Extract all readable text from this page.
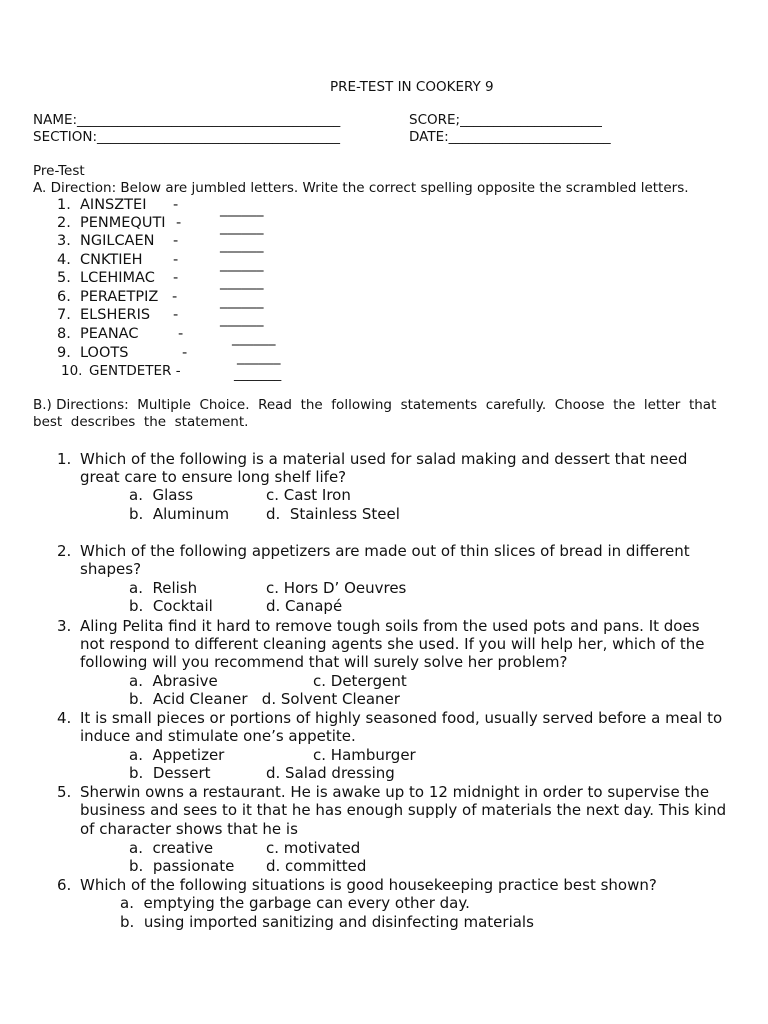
PRE-TEST IN COOKERY 9
NAME:_______________________________________	SCORE;_____________________
SECTION:____________________________________	DATE:________________________
Pre-Test
A. Direction: Below are jumbled letters. Write the correct spelling opposite the scrambled letters.
1. AINSZTEI -	______
2. PENMEQUTI -	______
3. NGILCAEN -	______
4. CNKTIEH -	______
5. LCEHIMAC -	______
6. PERAETPIZ -	______
7. ELSHERIS -	______
8. PEANAC	-	______
9. LOOTS	-	______
10. GENTDETER -	_______
B.) Directions:  Multiple  Choice.  Read  the  following  statements  carefully.  Choose  the  letter  that
best  describes  the  statement.
1. Which of the following is a material used for salad making and dessert that need
great care to ensure long shelf life?
a.  Glass	c. Cast Iron
b.  Aluminum d.  Stainless Steel
2. Which of the following appetizers are made out of thin slices of bread in different
shapes?
a.  Relish	c. Hors D’ Oeuvres
b.  Cocktail	d. Canapé
3. Aling Pelita find it hard to remove tough soils from the used pots and pans. It does
not respond to different cleaning agents she used. If you will help her, which of the
following will you recommend that will surely solve her problem?
a.  Abrasive	c. Detergent
b.  Acid Cleaner   d. Solvent Cleaner
4. It is small pieces or portions of highly seasoned food, usually served before a meal to
induce and stimulate one’s appetite.
a.  Appetizer	c. Hamburger
b.  Dessert	d. Salad dressing
5. Sherwin owns a restaurant. He is awake up to 12 midnight in order to supervise the
business and sees to it that he has enough supply of materials the next day. This kind
of character shows that he is
a.  creative	c. motivated
b.  passionate d. committed
6. Which of the following situations is good housekeeping practice best shown?
a.  emptying the garbage can every other day.
b.  using imported sanitizing and disinfecting materials
